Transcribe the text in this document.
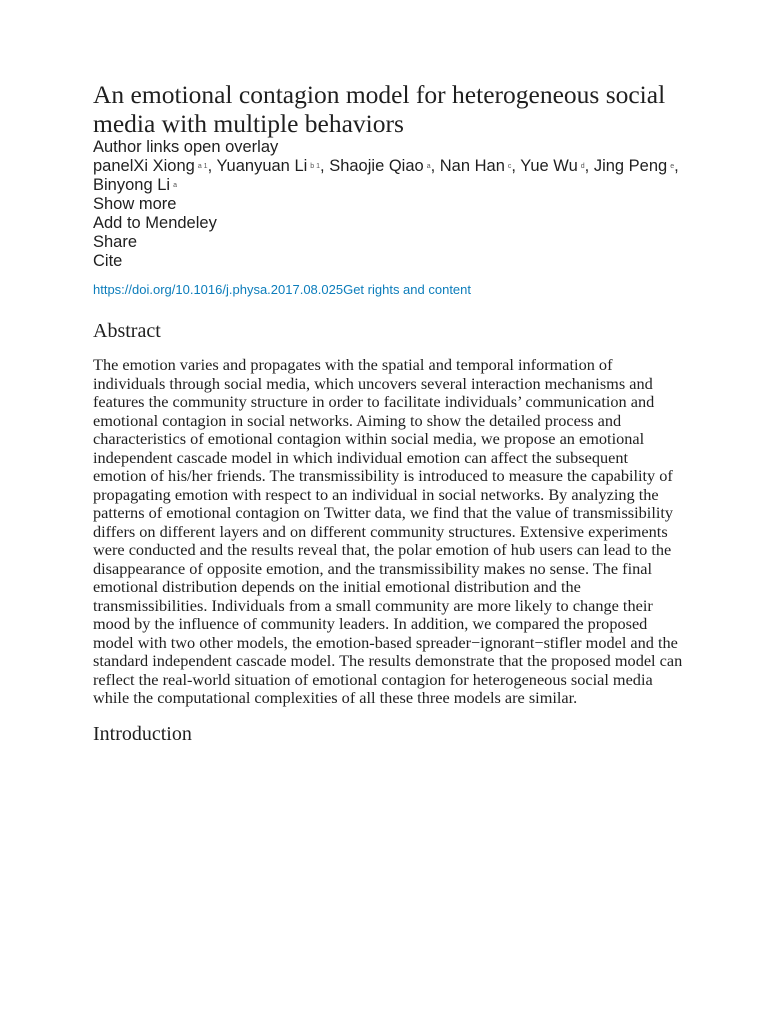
An emotional contagion model for heterogeneous social media with multiple behaviors
Author links open overlay
panelXi Xiong a 1, Yuanyuan Li b 1, Shaojie Qiao a, Nan Han c, Yue Wu d, Jing Peng e, Binyong Li a
Show more
Add to Mendeley
Share
Cite
https://doi.org/10.1016/j.physa.2017.08.025Get rights and content
Abstract
The emotion varies and propagates with the spatial and temporal information of individuals through social media, which uncovers several interaction mechanisms and features the community structure in order to facilitate individuals’ communication and emotional contagion in social networks. Aiming to show the detailed process and characteristics of emotional contagion within social media, we propose an emotional independent cascade model in which individual emotion can affect the subsequent emotion of his/her friends. The transmissibility is introduced to measure the capability of propagating emotion with respect to an individual in social networks. By analyzing the patterns of emotional contagion on Twitter data, we find that the value of transmissibility differs on different layers and on different community structures. Extensive experiments were conducted and the results reveal that, the polar emotion of hub users can lead to the disappearance of opposite emotion, and the transmissibility makes no sense. The final emotional distribution depends on the initial emotional distribution and the transmissibilities. Individuals from a small community are more likely to change their mood by the influence of community leaders. In addition, we compared the proposed model with two other models, the emotion-based spreader−ignorant−stifler model and the standard independent cascade model. The results demonstrate that the proposed model can reflect the real-world situation of emotional contagion for heterogeneous social media while the computational complexities of all these three models are similar.
Introduction
